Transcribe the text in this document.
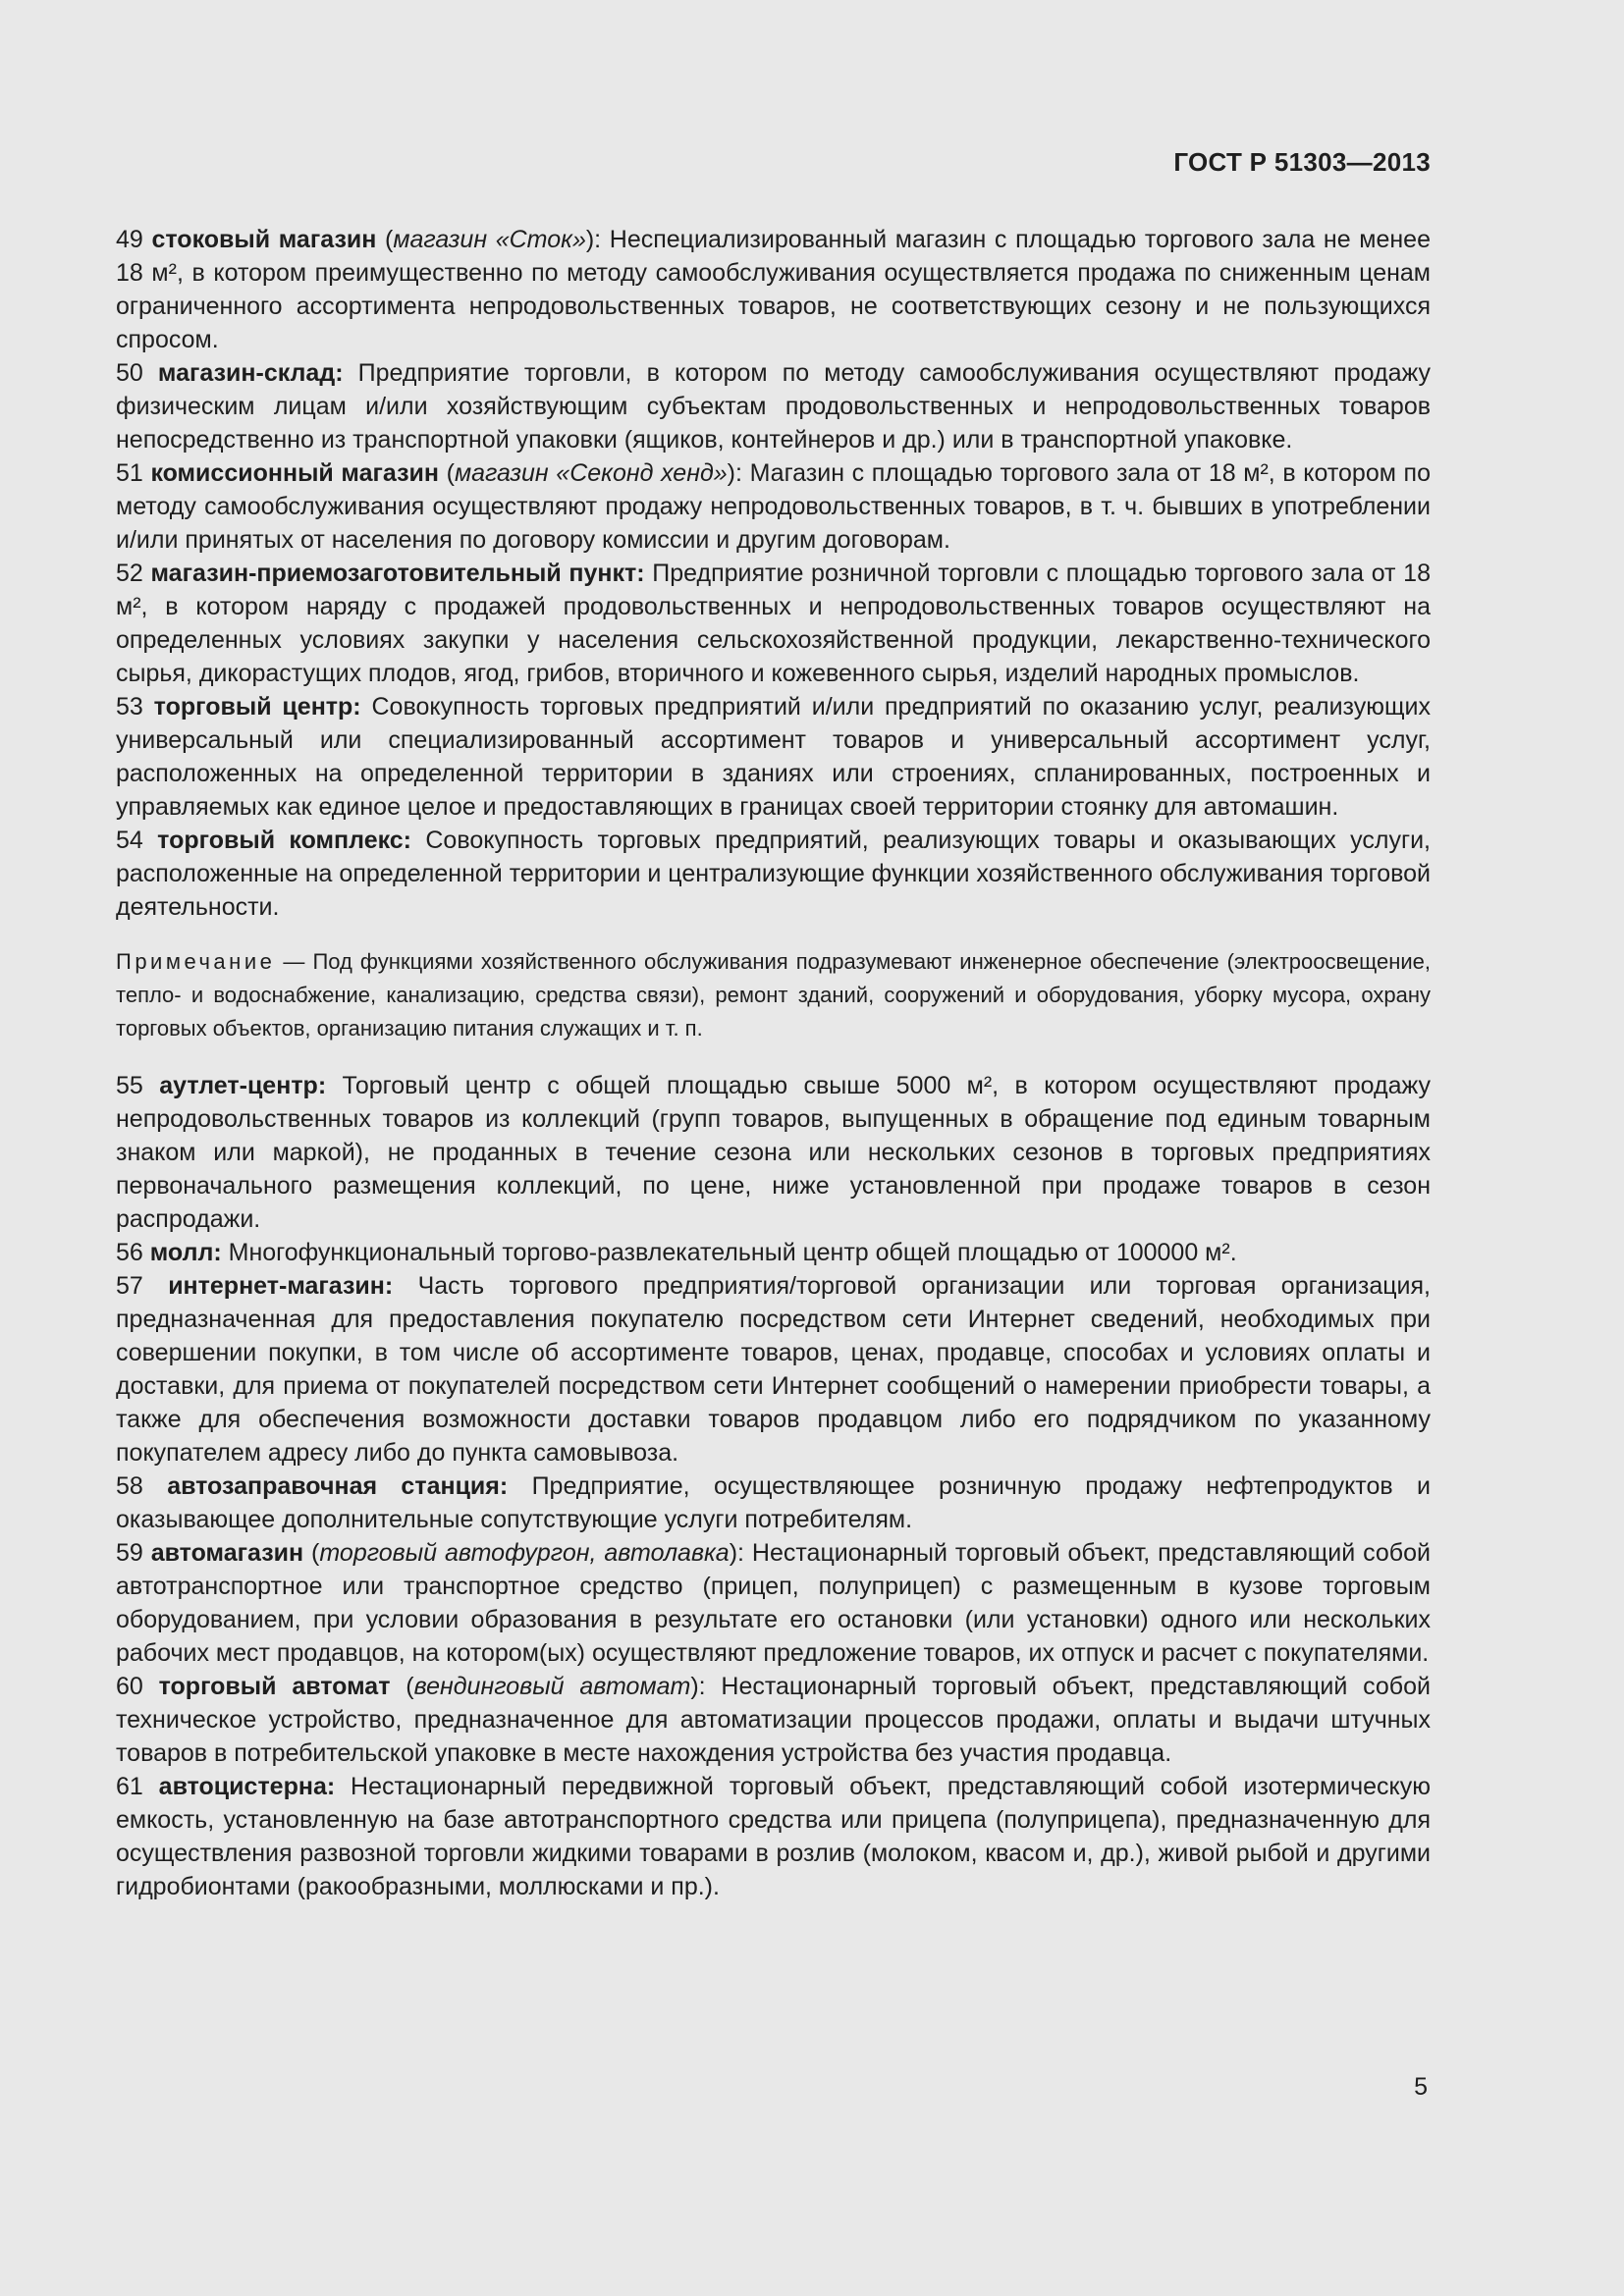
ГОСТ Р 51303—2013

49 стоковый магазин (магазин «Сток»): Неспециализированный магазин с площадью торгового зала не менее 18 м², в котором преимущественно по методу самообслуживания осуществляется продажа по сниженным ценам ограниченного ассортимента непродовольственных товаров, не соответствующих сезону и не пользующихся спросом.

50 магазин-склад: Предприятие торговли, в котором по методу самообслуживания осуществляют продажу физическим лицам и/или хозяйствующим субъектам продовольственных и непродовольственных товаров непосредственно из транспортной упаковки (ящиков, контейнеров и др.) или в транспортной упаковке.

51 комиссионный магазин (магазин «Секонд хенд»): Магазин с площадью торгового зала от 18 м², в котором по методу самообслуживания осуществляют продажу непродовольственных товаров, в т. ч. бывших в употреблении и/или принятых от населения по договору комиссии и другим договорам.

52 магазин-приемозаготовительный пункт: Предприятие розничной торговли с площадью торгового зала от 18 м², в котором наряду с продажей продовольственных и непродовольственных товаров осуществляют на определенных условиях закупки у населения сельскохозяйственной продукции, лекарственно-технического сырья, дикорастущих плодов, ягод, грибов, вторичного и кожевенного сырья, изделий народных промыслов.

53 торговый центр: Совокупность торговых предприятий и/или предприятий по оказанию услуг, реализующих универсальный или специализированный ассортимент товаров и универсальный ассортимент услуг, расположенных на определенной территории в зданиях или строениях, спланированных, построенных и управляемых как единое целое и предоставляющих в границах своей территории стоянку для автомашин.

54 торговый комплекс: Совокупность торговых предприятий, реализующих товары и оказывающих услуги, расположенные на определенной территории и централизующие функции хозяйственного обслуживания торговой деятельности.

Примечание — Под функциями хозяйственного обслуживания подразумевают инженерное обеспечение (электроосвещение, тепло- и водоснабжение, канализацию, средства связи), ремонт зданий, сооружений и оборудования, уборку мусора, охрану торговых объектов, организацию питания служащих и т. п.

55 аутлет-центр: Торговый центр с общей площадью свыше 5000 м², в котором осуществляют продажу непродовольственных товаров из коллекций (групп товаров, выпущенных в обращение под единым товарным знаком или маркой), не проданных в течение сезона или нескольких сезонов в торговых предприятиях первоначального размещения коллекций, по цене, ниже установленной при продаже товаров в сезон распродажи.

56 молл: Многофункциональный торгово-развлекательный центр общей площадью от 100000 м².

57 интернет-магазин: Часть торгового предприятия/торговой организации или торговая организация, предназначенная для предоставления покупателю посредством сети Интернет сведений, необходимых при совершении покупки, в том числе об ассортименте товаров, ценах, продавце, способах и условиях оплаты и доставки, для приема от покупателей посредством сети Интернет сообщений о намерении приобрести товары, а также для обеспечения возможности доставки товаров продавцом либо его подрядчиком по указанному покупателем адресу либо до пункта самовывоза.

58 автозаправочная станция: Предприятие, осуществляющее розничную продажу нефтепродуктов и оказывающее дополнительные сопутствующие услуги потребителям.

59 автомагазин (торговый автофургон, автолавка): Нестационарный торговый объект, представляющий собой автотранспортное или транспортное средство (прицеп, полуприцеп) с размещенным в кузове торговым оборудованием, при условии образования в результате его остановки (или установки) одного или нескольких рабочих мест продавцов, на котором(ых) осуществляют предложение товаров, их отпуск и расчет с покупателями.

60 торговый автомат (вендинговый автомат): Нестационарный торговый объект, представляющий собой техническое устройство, предназначенное для автоматизации процессов продажи, оплаты и выдачи штучных товаров в потребительской упаковке в месте нахождения устройства без участия продавца.

61 автоцистерна: Нестационарный передвижной торговый объект, представляющий собой изотермическую емкость, установленную на базе автотранспортного средства или прицепа (полуприцепа), предназначенную для осуществления развозной торговли жидкими товарами в розлив (молоком, квасом и, др.), живой рыбой и другими гидробионтами (ракообразными, моллюсками и пр.).

5
